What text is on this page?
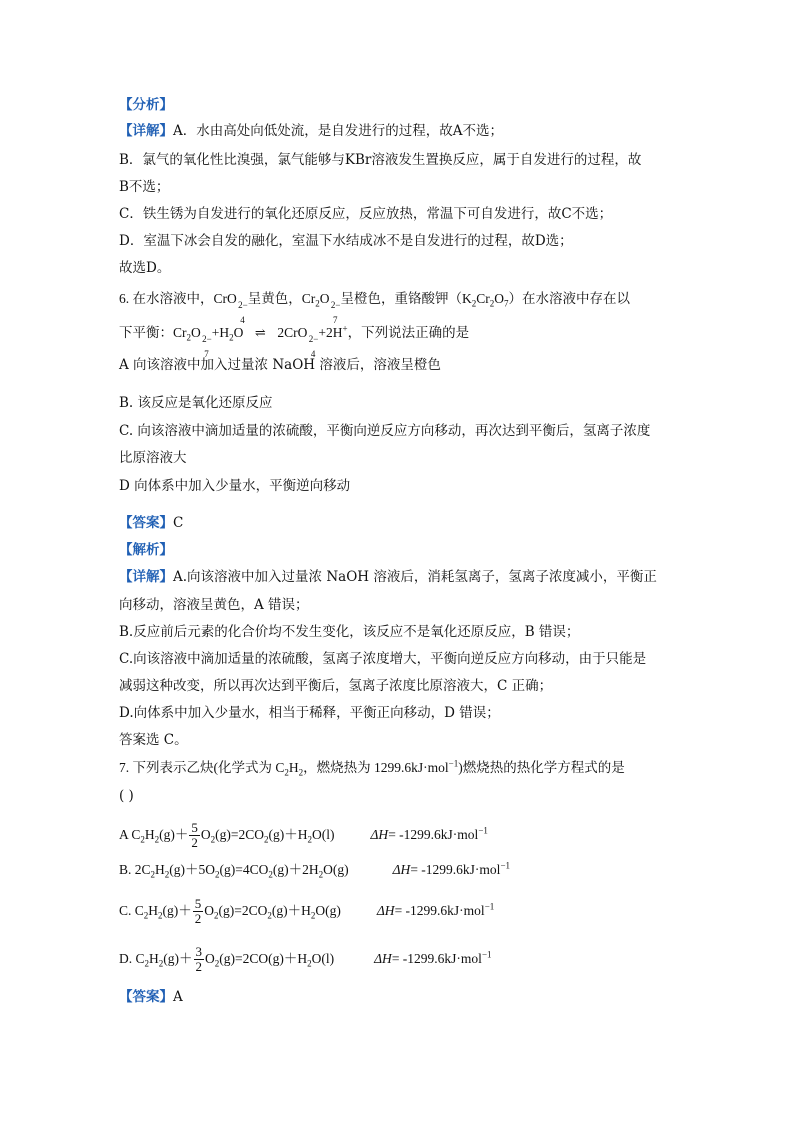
【分析】
【详解】A．水由高处向低处流，是自发进行的过程，故A不选；
B．氯气的氧化性比溴强，氯气能够与KBr溶液发生置换反应，属于自发进行的过程，故
B不选；
C．铁生锈为自发进行的氧化还原反应，反应放热，常温下可自发进行，故C不选；
D．室温下冰会自发的融化，室温下水结成冰不是自发进行的过程，故D选；
故选D。
6. 在水溶液中，CrO 2−
4
呈黄色，$Cr_2O$ 2−
7
呈橙色，重铬酸钾$(K_2Cr_2O_7)$在水溶液中存在以
下平衡：$Cr_2O$ 2−
7
$+H_2O$ ⇌ 2CrO 2−
4
+2H+，下列说法正确的是
A 向该溶液中加入过量浓 NaOH 溶液后，溶液呈橙色
B. 该反应是氧化还原反应
C. 向该溶液中滴加适量的浓硫酸，平衡向逆反应方向移动，再次达到平衡后，氢离子浓度
比原溶液大
D 向体系中加入少量水，平衡逆向移动
【答案】C
【解析】
【详解】A.向该溶液中加入过量浓 NaOH 溶液后，消耗氢离子，氢离子浓度减小，平衡正
向移动，溶液呈黄色，A 错误；
B.反应前后元素的化合价均不发生变化，该反应不是氧化还原反应，B 错误；
C.向该溶液中滴加适量的浓硫酸，氢离子浓度增大，平衡向逆反应方向移动，由于只能是
减弱这种改变，所以再次达到平衡后，氢离子浓度比原溶液大，C 正确；
D.向体系中加入少量水，相当于稀释，平衡正向移动，D 错误；
答案选 C。
7. 下列表示乙炔(化学式为 $C_2H_2$，燃烧热为 1299.6kJ·mol$^{-1}$)燃烧热的热化学方程式的是
( )
A $C_2H_2(g)+ \frac{5}{2} O_2(g)=2CO_2(g)+H_2O(l)$	ΔH= -1299.6kJ·mol$^{-1}$
B. $2C_2H_2(g)+5O_2(g)=4CO_2(g)+2H_2O(g)$	ΔH= -1299.6kJ·mol$^{-1}$
C. $C_2H_2(g)+ \frac{5}{2} O_2(g)=2CO_2(g)+H_2O(g)$	ΔH= -1299.6kJ·mol$^{-1}$
D. $C_2H_2(g)+ \frac{3}{2} O_2(g)=2CO(g)+H_2O(l)$	ΔH= -1299.6kJ·mol$^{-1}$
【答案】A
